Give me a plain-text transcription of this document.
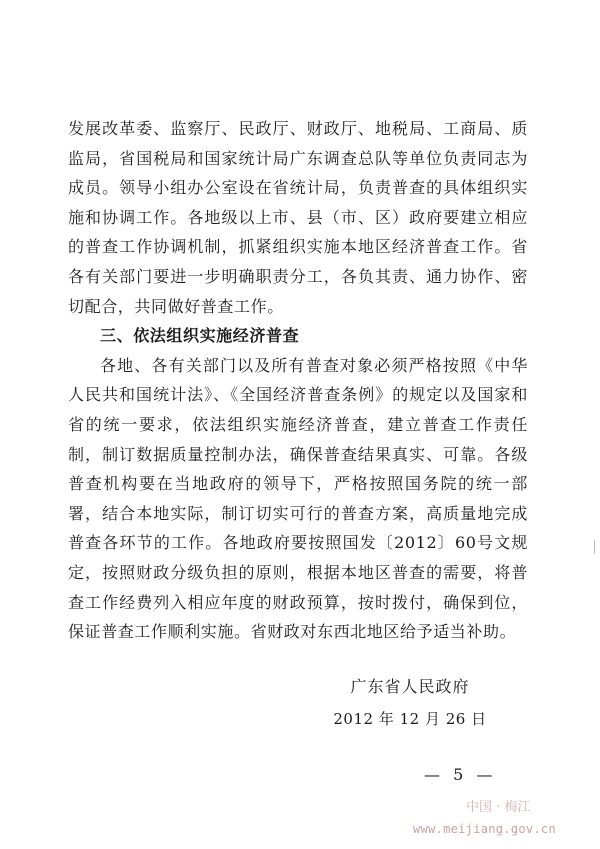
发展改革委、监察厅、民政厅、财政厅、地税局、工商局、质监局，省国税局和国家统计局广东调查总队等单位负责同志为成员。领导小组办公室设在省统计局，负责普查的具体组织实施和协调工作。各地级以上市、县（市、区）政府要建立相应的普查工作协调机制，抓紧组织实施本地区经济普查工作。省各有关部门要进一步明确职责分工，各负其责、通力协作、密切配合，共同做好普查工作。

三、依法组织实施经济普查

各地、各有关部门以及所有普查对象必须严格按照《中华人民共和国统计法》、《全国经济普查条例》的规定以及国家和省的统一要求，依法组织实施经济普查，建立普查工作责任制，制订数据质量控制办法，确保普查结果真实、可靠。各级普查机构要在当地政府的领导下，严格按照国务院的统一部署，结合本地实际，制订切实可行的普查方案，高质量地完成普查各环节的工作。各地政府要按照国发〔2012〕60号文规定，按照财政分级负担的原则，根据本地区普查的需要，将普查工作经费列入相应年度的财政预算，按时拨付，确保到位，保证普查工作顺利实施。省财政对东西北地区给予适当补助。

广东省人民政府
2012 年 12 月 26 日
— 5 —
中国 · 梅江
www.meijiang.gov.cn
